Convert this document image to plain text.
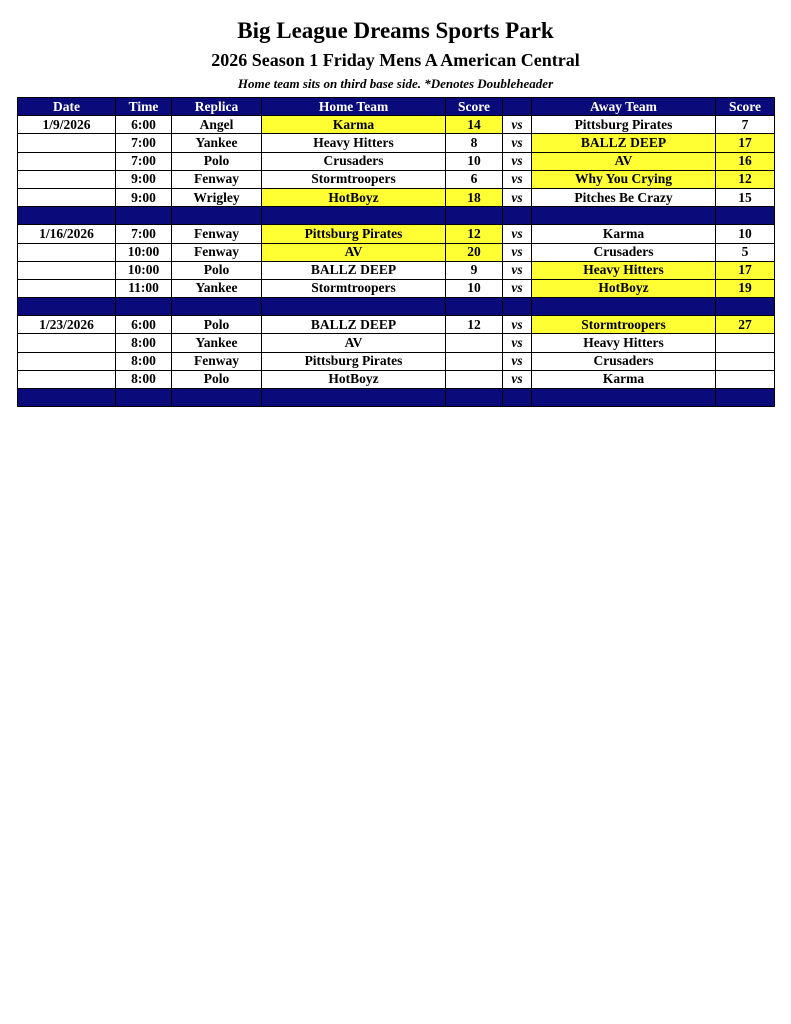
Big League Dreams Sports Park
2026 Season 1 Friday Mens A American Central
Home team sits on third base side. *Denotes Doubleheader
Date	Time	Replica	Home Team	Score		Away Team	Score
1/9/2026	6:00	Angel	Karma	14	vs	Pittsburg Pirates	7
	7:00	Yankee	Heavy Hitters	8	vs	BALLZ DEEP	17
	7:00	Polo	Crusaders	10	vs	AV	16
	9:00	Fenway	Stormtroopers	6	vs	Why You Crying	12
	9:00	Wrigley	HotBoyz	18	vs	Pitches Be Crazy	15

1/16/2026	7:00	Fenway	Pittsburg Pirates	12	vs	Karma	10
	10:00	Fenway	AV	20	vs	Crusaders	5
	10:00	Polo	BALLZ DEEP	9	vs	Heavy Hitters	17
	11:00	Yankee	Stormtroopers	10	vs	HotBoyz	19

1/23/2026	6:00	Polo	BALLZ DEEP	12	vs	Stormtroopers	27
	8:00	Yankee	AV		vs	Heavy Hitters	
	8:00	Fenway	Pittsburg Pirates		vs	Crusaders	
	8:00	Polo	HotBoyz		vs	Karma	
